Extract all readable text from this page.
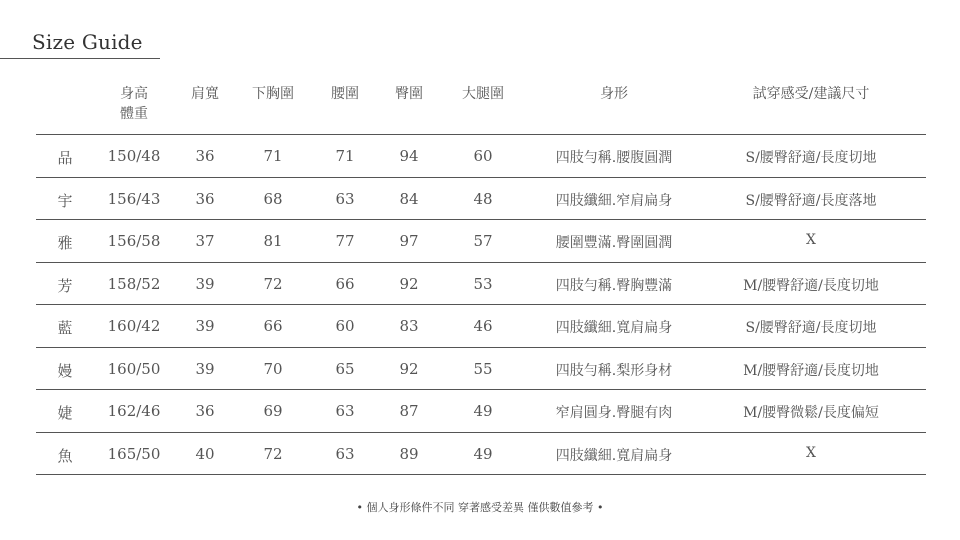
Size Guide
身高
體重
肩寬 下胸圍	腰圍	臀圍	大腿圍	身形	試穿感受/建議尺寸
品 150/48 36	71	71	94	60	四肢勻稱.腰腹圓潤	S/腰臀舒適/長度切地
宇 156/43 36	68	63	84	48	四肢纖細.窄肩扁身	S/腰臀舒適/長度落地
雅 156/58 37	81	77	97	57	腰圍豐滿.臀圍圓潤	X
芳 158/52 39	72	66	92	53	四肢勻稱.臀胸豐滿	M/腰臀舒適/長度切地
藍 160/42 39	66	60	83	46	四肢纖細.寬肩扁身	S/腰臀舒適/長度切地
嫚 160/50 39	70	65	92	55	四肢勻稱.梨形身材	M/腰臀舒適/長度切地
婕 162/46 36	69	63	87	49	窄肩圓身.臀腿有肉	M/腰臀微鬆/長度偏短
魚 165/50 40	72	63	89	49	四肢纖細.寬肩扁身	X
• 個人身形條件不同 穿著感受差異 僅供數值參考 •
